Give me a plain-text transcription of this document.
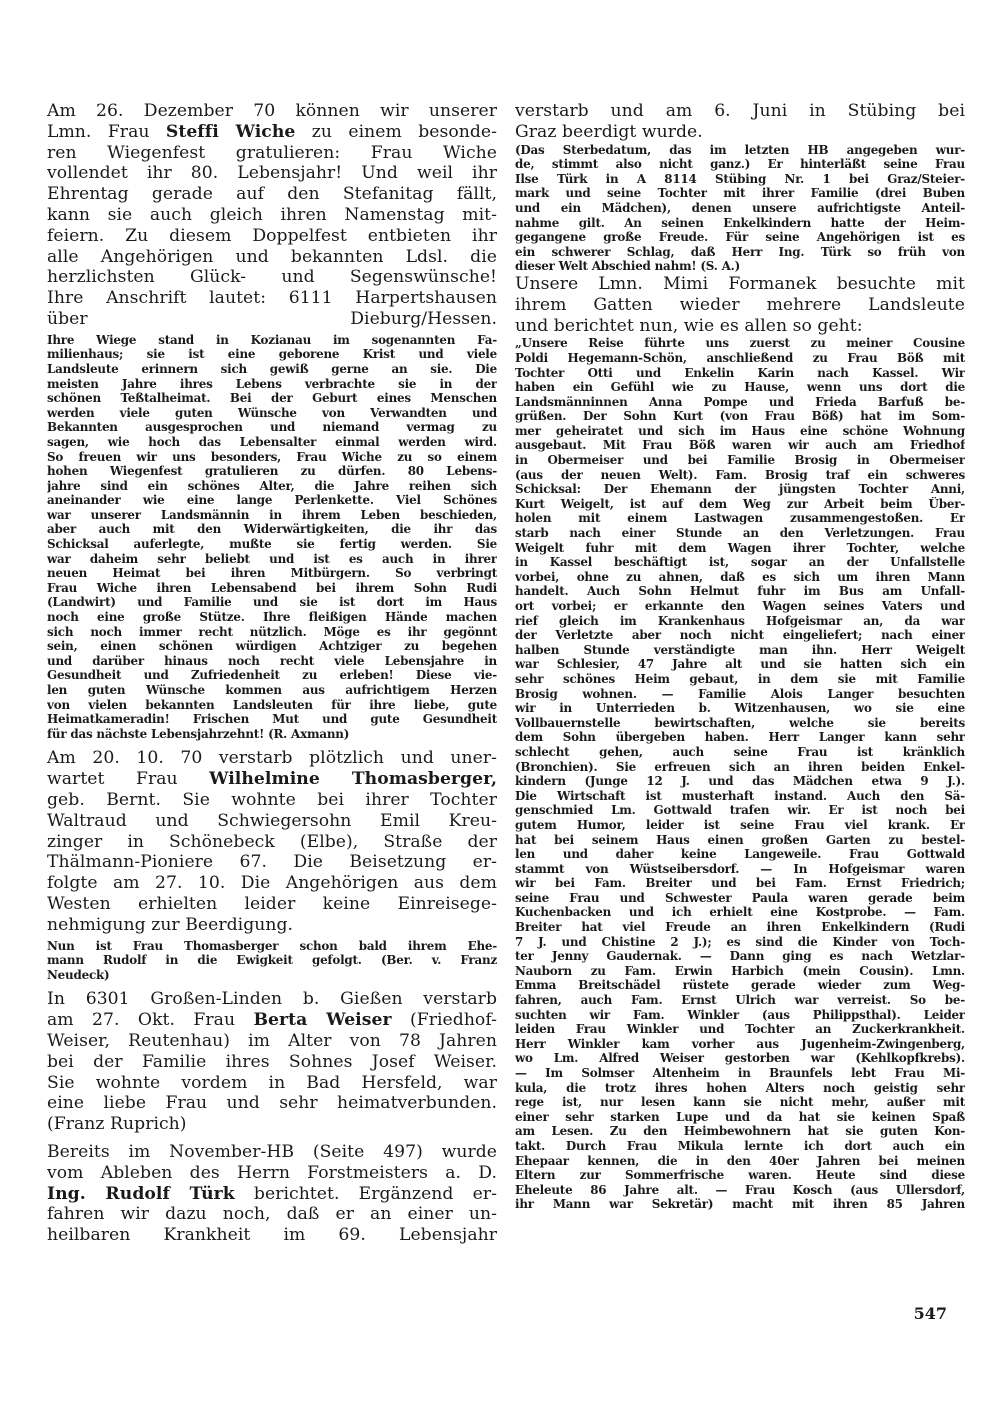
Am 26. Dezember 70 können wir unserer
Lmn. Frau Steffi Wiche zu einem besonde-
ren Wiegenfest gratulieren: Frau Wiche
vollendet ihr 80. Lebensjahr! Und weil ihr
Ehrentag gerade auf den Stefanitag fällt,
kann sie auch gleich ihren Namenstag mit-
feiern. Zu diesem Doppelfest entbieten ihr
alle Angehörigen und bekannten Ldsl. die
herzlichsten Glück- und Segenswünsche!
Ihre Anschrift lautet: 6111 Harpertshausen
über Dieburg/Hessen.
Ihre Wiege stand in Kozianau im sogenannten Fa-
milienhaus; sie ist eine geborene Krist und viele
Landsleute erinnern sich gewiß gerne an sie. Die
meisten Jahre ihres Lebens verbrachte sie in der
schönen Teßtalheimat. Bei der Geburt eines Menschen
werden viele guten Wünsche von Verwandten und
Bekannten ausgesprochen und niemand vermag zu
sagen, wie hoch das Lebensalter einmal werden wird.
So freuen wir uns besonders, Frau Wiche zu so einem
hohen Wiegenfest gratulieren zu dürfen. 80 Lebens-
jahre sind ein schönes Alter, die Jahre reihen sich
aneinander wie eine lange Perlenkette. Viel Schönes
war unserer Landsmännin in ihrem Leben beschieden,
aber auch mit den Widerwärtigkeiten, die ihr das
Schicksal auferlegte, mußte sie fertig werden. Sie
war daheim sehr beliebt und ist es auch in ihrer
neuen Heimat bei ihren Mitbürgern. So verbringt
Frau Wiche ihren Lebensabend bei ihrem Sohn Rudi
(Landwirt) und Familie und sie ist dort im Haus
noch eine große Stütze. Ihre fleißigen Hände machen
sich noch immer recht nützlich. Möge es ihr gegönnt
sein, einen schönen würdigen Achtziger zu begehen
und darüber hinaus noch recht viele Lebensjahre in
Gesundheit und Zufriedenheit zu erleben! Diese vie-
len guten Wünsche kommen aus aufrichtigem Herzen
von vielen bekannten Landsleuten für ihre liebe, gute
Heimatkameradin! Frischen Mut und gute Gesundheit
für das nächste Lebensjahrzehnt! (R. Axmann)
Am 20. 10. 70 verstarb plötzlich und uner-
wartet Frau Wilhelmine Thomasberger,
geb. Bernt. Sie wohnte bei ihrer Tochter
Waltraud und Schwiegersohn Emil Kreu-
zinger in Schönebeck (Elbe), Straße der
Thälmann-Pioniere 67. Die Beisetzung er-
folgte am 27. 10. Die Angehörigen aus dem
Westen erhielten leider keine Einreisege-
nehmigung zur Beerdigung.
Nun ist Frau Thomasberger schon bald ihrem Ehe-
mann Rudolf in die Ewigkeit gefolgt. (Ber. v. Franz
Neudeck)
In 6301 Großen-Linden b. Gießen verstarb
am 27. Okt. Frau Berta Weiser (Friedhof-
Weiser, Reutenhau) im Alter von 78 Jahren
bei der Familie ihres Sohnes Josef Weiser.
Sie wohnte vordem in Bad Hersfeld, war
eine liebe Frau und sehr heimatverbunden.
(Franz Ruprich)
Bereits im November-HB (Seite 497) wurde
vom Ableben des Herrn Forstmeisters a. D.
Ing. Rudolf Türk berichtet. Ergänzend er-
fahren wir dazu noch, daß er an einer un-
heilbaren Krankheit im 69. Lebensjahr
verstarb und am 6. Juni in Stübing bei
Graz beerdigt wurde.
(Das Sterbedatum, das im letzten HB angegeben wur-
de, stimmt also nicht ganz.) Er hinterläßt seine Frau
Ilse Türk in A 8114 Stübing Nr. 1 bei Graz/Steier-
mark und seine Tochter mit ihrer Familie (drei Buben
und ein Mädchen), denen unsere aufrichtigste Anteil-
nahme gilt. An seinen Enkelkindern hatte der Heim-
gegangene große Freude. Für seine Angehörigen ist es
ein schwerer Schlag, daß Herr Ing. Türk so früh von
dieser Welt Abschied nahm! (S. A.)
Unsere Lmn. Mimi Formanek besuchte mit
ihrem Gatten wieder mehrere Landsleute
und berichtet nun, wie es allen so geht:
„Unsere Reise führte uns zuerst zu meiner Cousine
Poldi Hegemann-Schön, anschließend zu Frau Böß mit
Tochter Otti und Enkelin Karin nach Kassel. Wir
haben ein Gefühl wie zu Hause, wenn uns dort die
Landsmänninnen Anna Pompe und Frieda Barfuß be-
grüßen. Der Sohn Kurt (von Frau Böß) hat im Som-
mer geheiratet und sich im Haus eine schöne Wohnung
ausgebaut. Mit Frau Böß waren wir auch am Friedhof
in Obermeiser und bei Familie Brosig in Obermeiser
(aus der neuen Welt). Fam. Brosig traf ein schweres
Schicksal: Der Ehemann der jüngsten Tochter Anni,
Kurt Weigelt, ist auf dem Weg zur Arbeit beim Über-
holen mit einem Lastwagen zusammengestoßen. Er
starb nach einer Stunde an den Verletzungen. Frau
Weigelt fuhr mit dem Wagen ihrer Tochter, welche
in Kassel beschäftigt ist, sogar an der Unfallstelle
vorbei, ohne zu ahnen, daß es sich um ihren Mann
handelt. Auch Sohn Helmut fuhr im Bus am Unfall-
ort vorbei; er erkannte den Wagen seines Vaters und
rief gleich im Krankenhaus Hofgeismar an, da war
der Verletzte aber noch nicht eingeliefert; nach einer
halben Stunde verständigte man ihn. Herr Weigelt
war Schlesier, 47 Jahre alt und sie hatten sich ein
sehr schönes Heim gebaut, in dem sie mit Familie
Brosig wohnen. — Familie Alois Langer besuchten
wir in Unterrieden b. Witzenhausen, wo sie eine
Vollbauernstelle bewirtschaften, welche sie bereits
dem Sohn übergeben haben. Herr Langer kann sehr
schlecht gehen, auch seine Frau ist kränklich
(Bronchien). Sie erfreuen sich an ihren beiden Enkel-
kindern (Junge 12 J. und das Mädchen etwa 9 J.).
Die Wirtschaft ist musterhaft instand. Auch den Sä-
genschmied Lm. Gottwald trafen wir. Er ist noch bei
gutem Humor, leider ist seine Frau viel krank. Er
hat bei seinem Haus einen großen Garten zu bestel-
len und daher keine Langeweile. Frau Gottwald
stammt von Wüstseibersdorf. — In Hofgeismar waren
wir bei Fam. Breiter und bei Fam. Ernst Friedrich;
seine Frau und Schwester Paula waren gerade beim
Kuchenbacken und ich erhielt eine Kostprobe. — Fam.
Breiter hat viel Freude an ihren Enkelkindern (Rudi
7 J. und Chistine 2 J.); es sind die Kinder von Toch-
ter Jenny Gaudernak. — Dann ging es nach Wetzlar-
Nauborn zu Fam. Erwin Harbich (mein Cousin). Lmn.
Emma Breitschädel rüstete gerade wieder zum Weg-
fahren, auch Fam. Ernst Ulrich war verreist. So be-
suchten wir Fam. Winkler (aus Philippsthal). Leider
leiden Frau Winkler und Tochter an Zuckerkrankheit.
Herr Winkler kam vorher aus Jugenheim-Zwingenberg,
wo Lm. Alfred Weiser gestorben war (Kehlkopfkrebs).
— Im Solmser Altenheim in Braunfels lebt Frau Mi-
kula, die trotz ihres hohen Alters noch geistig sehr
rege ist, nur lesen kann sie nicht mehr, außer mit
einer sehr starken Lupe und da hat sie keinen Spaß
am Lesen. Zu den Heimbewohnern hat sie guten Kon-
takt. Durch Frau Mikula lernte ich dort auch ein
Ehepaar kennen, die in den 40er Jahren bei meinen
Eltern zur Sommerfrische waren. Heute sind diese
Eheleute 86 Jahre alt. — Frau Kosch (aus Ullersdorf,
ihr Mann war Sekretär) macht mit ihren 85 Jahren
547
